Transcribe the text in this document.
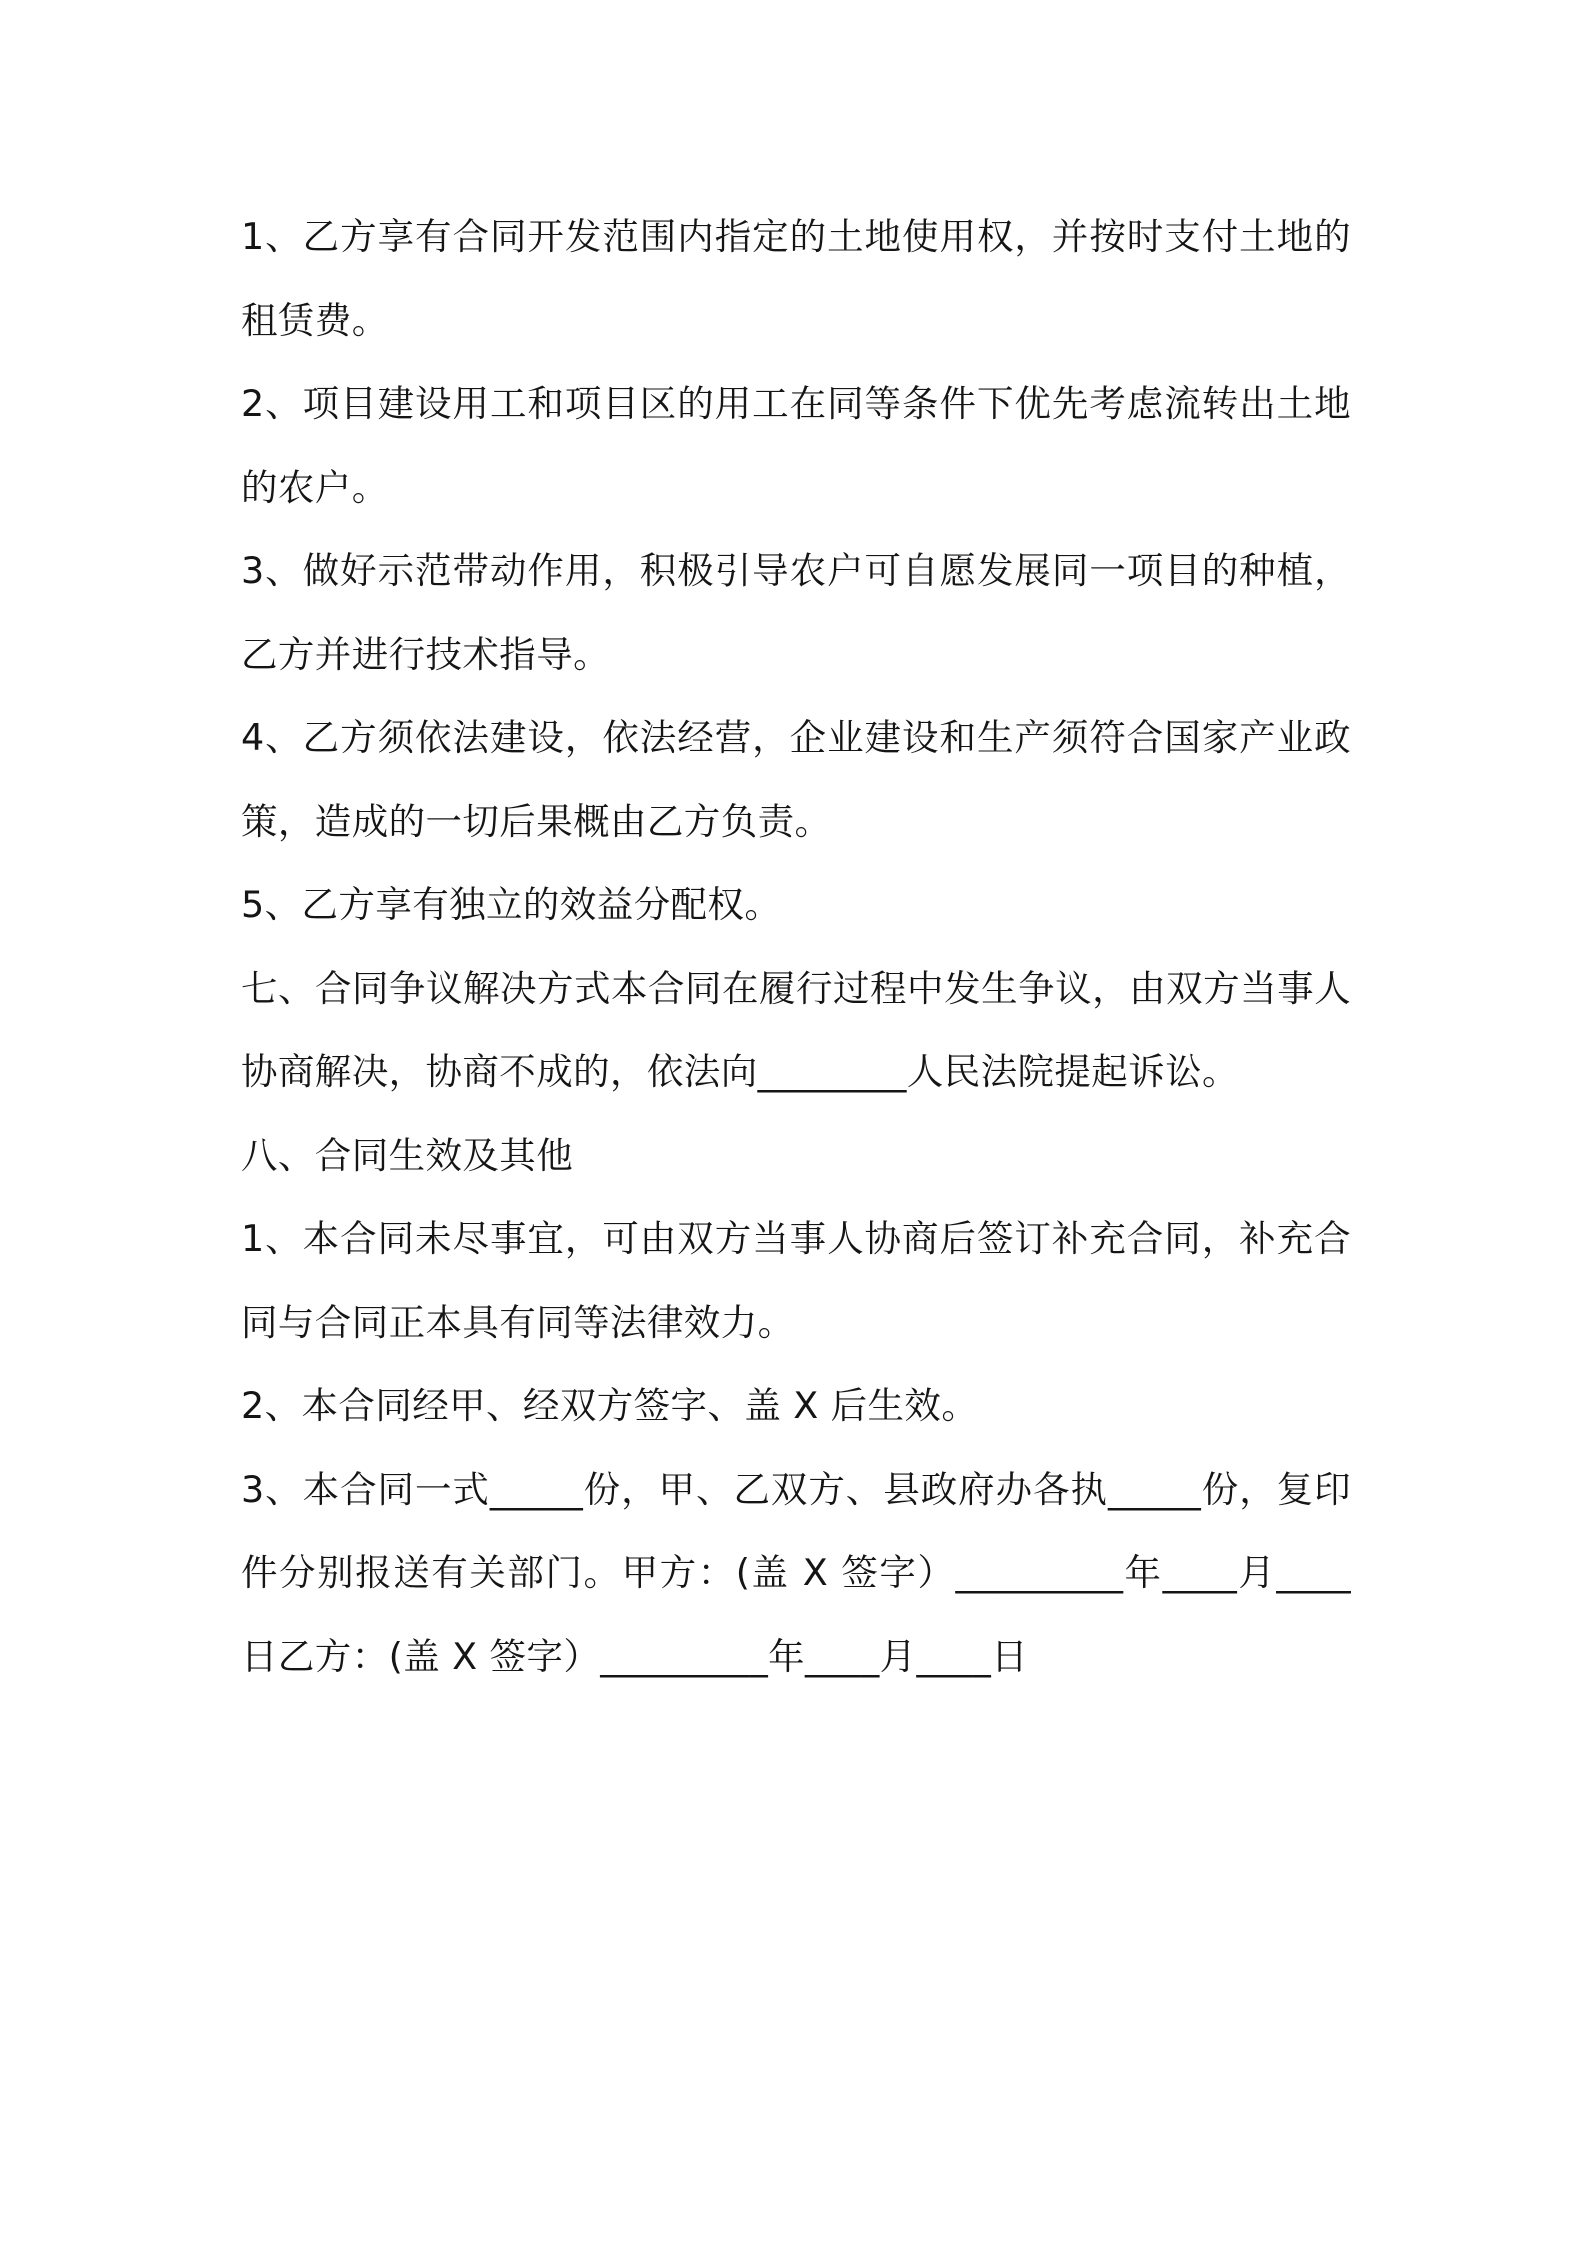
1、乙方享有合同开发范围内指定的土地使用权，并按时支付土地的租赁费。

2、项目建设用工和项目区的用工在同等条件下优先考虑流转出土地的农户。

3、做好示范带动作用，积极引导农户可自愿发展同一项目的种植，乙方并进行技术指导。

4、乙方须依法建设，依法经营，企业建设和生产须符合国家产业政策，造成的一切后果概由乙方负责。

5、乙方享有独立的效益分配权。

七、合同争议解决方式本合同在履行过程中发生争议，由双方当事人协商解决，协商不成的，依法向________人民法院提起诉讼。

八、合同生效及其他

1、本合同未尽事宜，可由双方当事人协商后签订补充合同，补充合同与合同正本具有同等法律效力。

2、本合同经甲、经双方签字、盖 X 后生效。

3、本合同一式_____份，甲、乙双方、县政府办各执_____份，复印件分别报送有关部门。甲方：(盖 X 签字）_________年____月____日乙方：(盖 X 签字）_________年____月____日
